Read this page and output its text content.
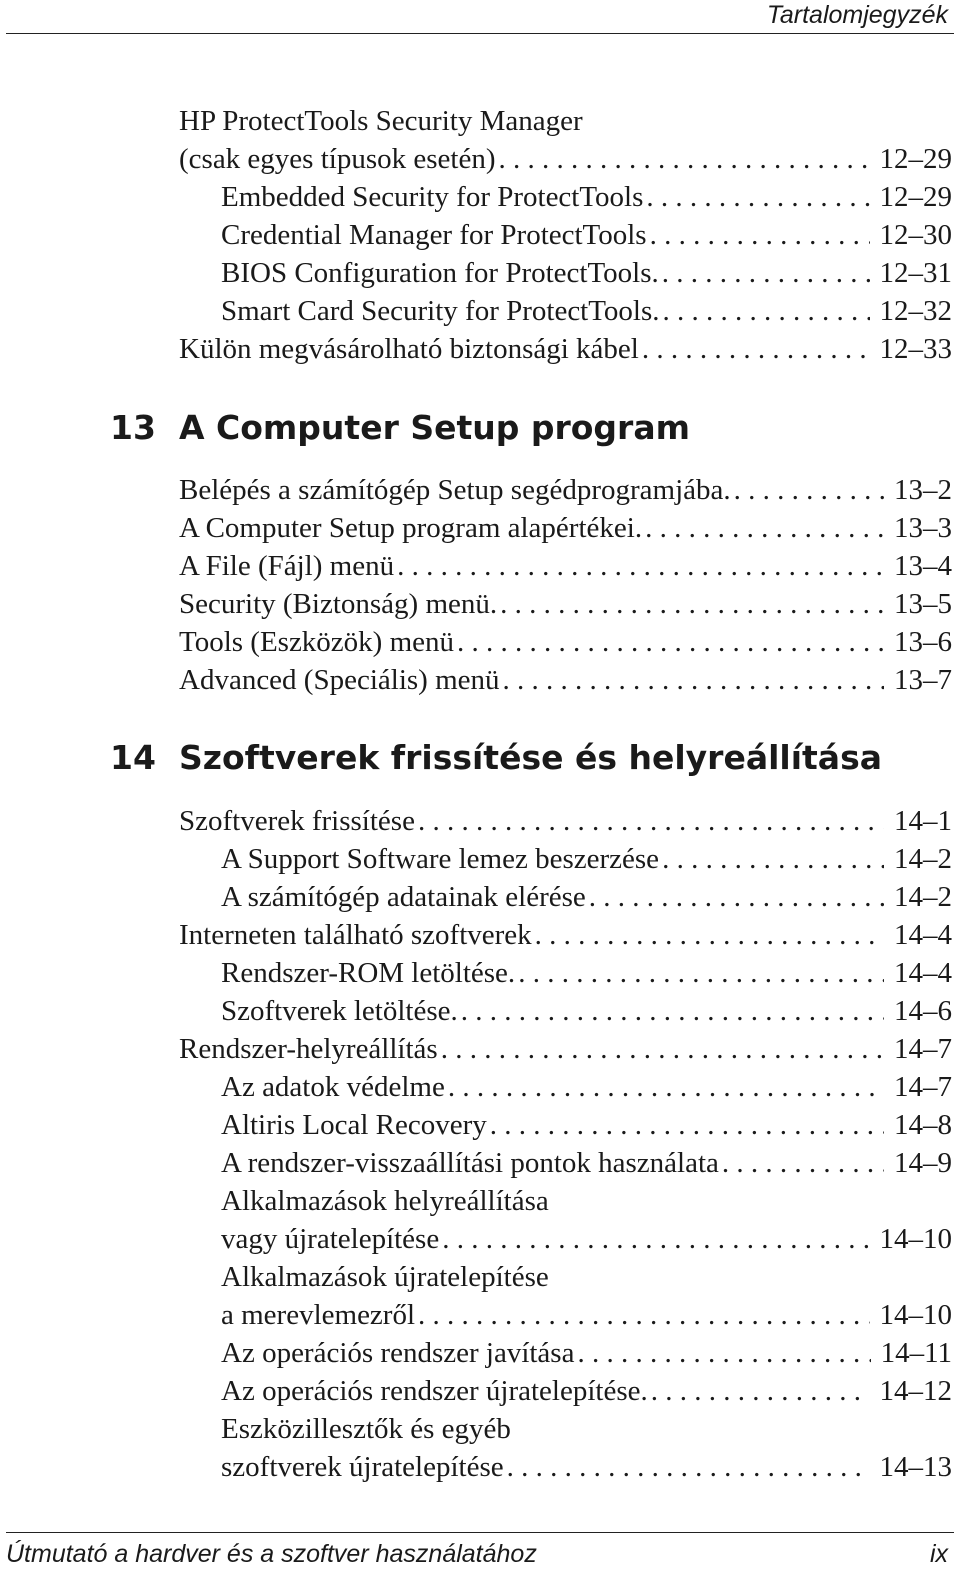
Tartalomjegyzék
HP ProtectTools Security Manager
(csak egyes típusok esetén) . . .	12–29
Embedded Security for ProtectTools . . .	12–29
Credential Manager for ProtectTools . . .	12–30
BIOS Configuration for ProtectTools. . . .	12–31
Smart Card Security for ProtectTools. . . .	12–32
Külön megvásárolható biztonsági kábel . . .	12–33
13 A Computer Setup program
Belépés a számítógép Setup segédprogramjába. . . .	13–2
A Computer Setup program alapértékei. . . .	13–3
A File (Fájl) menü . . .	13–4
Security (Biztonság) menü. . . .	13–5
Tools (Eszközök) menü . . .	13–6
Advanced (Speciális) menü . . .	13–7
14 Szoftverek frissítése és helyreállítása
Szoftverek frissítése . . .	14–1
A Support Software lemez beszerzése . . .	14–2
A számítógép adatainak elérése . . .	14–2
Interneten található szoftverek . . .	14–4
Rendszer-ROM letöltése. . . .	14–4
Szoftverek letöltése. . . .	14–6
Rendszer-helyreállítás . . .	14–7
Az adatok védelme . . .	14–7
Altiris Local Recovery . . .	14–8
A rendszer-visszaállítási pontok használata . . .	14–9
Alkalmazások helyreállítása
vagy újratelepítése . . .	14–10
Alkalmazások újratelepítése
a merevlemezről . . .	14–10
Az operációs rendszer javítása . . .	14–11
Az operációs rendszer újratelepítése. . . .	14–12
Eszközillesztők és egyéb
szoftverek újratelepítése . . .	14–13
Útmutató a hardver és a szoftver használatához	ix
